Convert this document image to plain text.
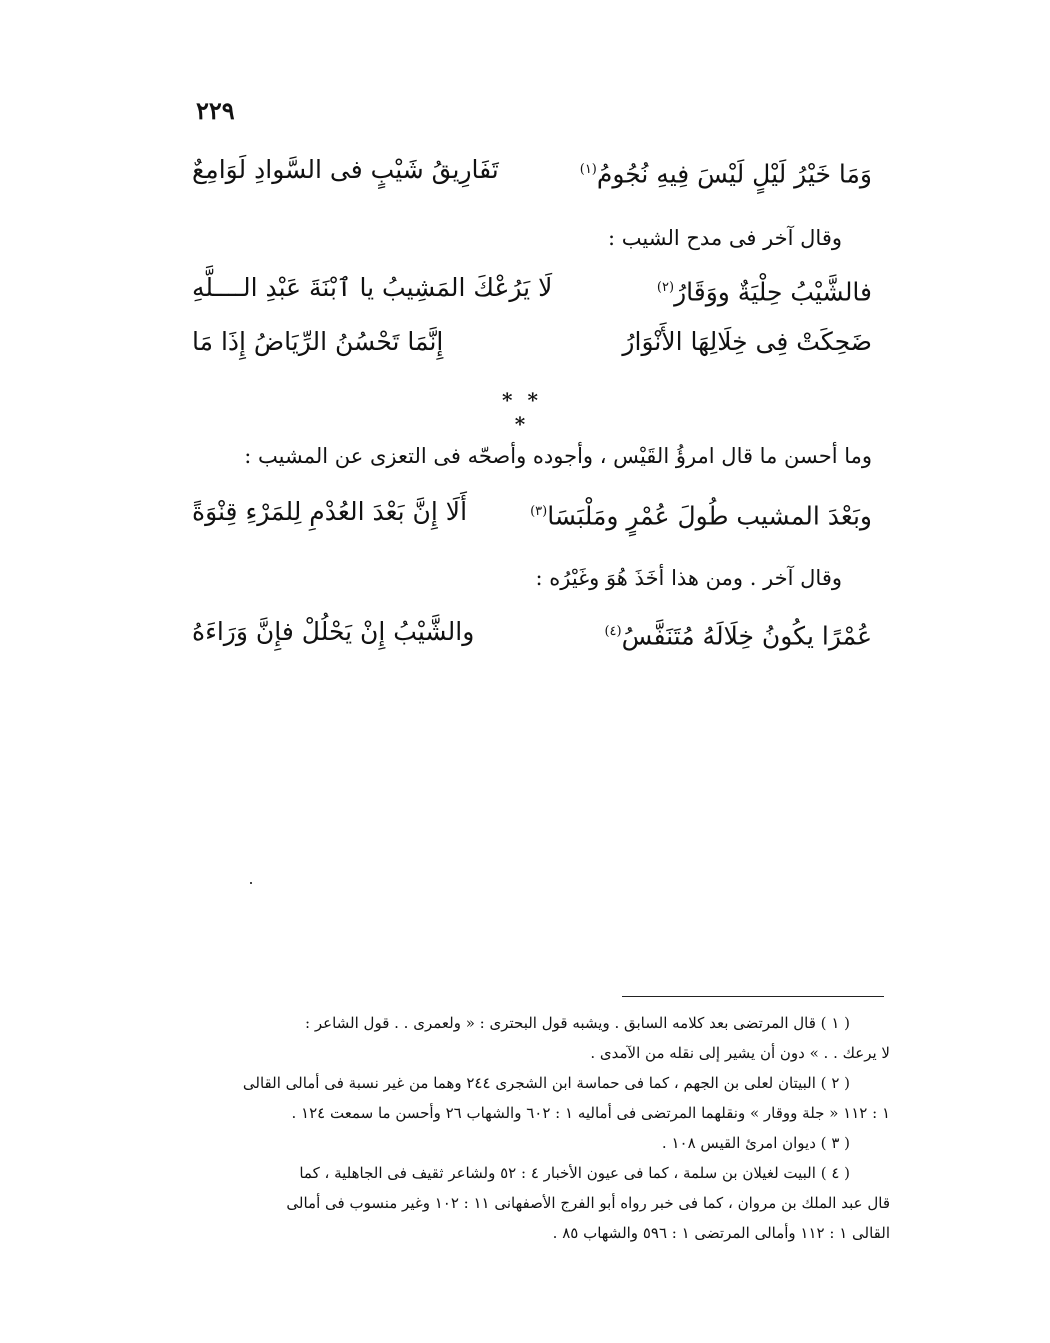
٢٢٩
تَفَارِيقُ شَيْبٍ فى السَّوادِ لَوَامِعٌ	وَمَا خَيْرُ لَيْلٍ لَيْسَ فِيهِ نُجُومُ$^{(١)}$
وقال آخر فى مدح الشيب :
لَا يَرُعْكَ المَشِيبُ يا ٱبْنَةَ عَبْدِ الــــلَّهِ	فالشَّيْبُ حِلْيَةٌ ووَقَارُ$^{(٢)}$
إِنَّمَا تَحْسُنُ الرِّيَاضُ إِذَا مَا	ضَحِكَتْ فِى خِلَالِهَا الأَنْوَارُ
* * *
وما أحسن ما قال امرؤُ القَيْس ، وأجوده وأصحّه فى التعزى عن المشيب :
أَلَا إِنَّ بَعْدَ العُدْمِ لِلمَرْءِ قِنْوَةً	وبَعْدَ المشيب طُولَ عُمْرٍ ومَلْبَسَا$^{(٣)}$
وقال آخر . ومن هذا أخَذَ هُوَ وغَيْرُه :
والشَّيْبُ إِنْ يَحْلُلْ فإِنَّ وَرَاءَهُ	عُمْرًا يكُونُ خِلَالَهُ مُتَنَفَّسُ$^{(٤)}$
( ١ ) قال المرتضى بعد كلامه السابق . ويشبه قول البحترى : « ولعمرى . . قول الشاعر :
لا يرعك . . » دون أن يشير إلى نقله من الآمدى .
( ٢ ) البيتان لعلى بن الجهم ، كما فى حماسة ابن الشجرى ٢٤٤ وهما من غير نسبة فى أمالى القالى
١ : ١١٢ « جلة ووقار » ونقلهما المرتضى فى أماليه ١ : ٦٠٢ والشهاب ٢٦ وأحسن ما سمعت ١٢٤ .
( ٣ ) ديوان امرئ القيس ١٠٨ .
( ٤ ) البيت لغيلان بن سلمة ، كما فى عيون الأخبار ٤ : ٥٢ ولشاعر ثقيف فى الجاهلية ، كما
قال عبد الملك بن مروان ، كما فى خبر رواه أبو الفرج الأصفهانى ١١ : ١٠٢ وغير منسوب فى أمالى
القالى ١ : ١١٢ وأمالى المرتضى ١ : ٥٩٦ والشهاب ٨٥ .
